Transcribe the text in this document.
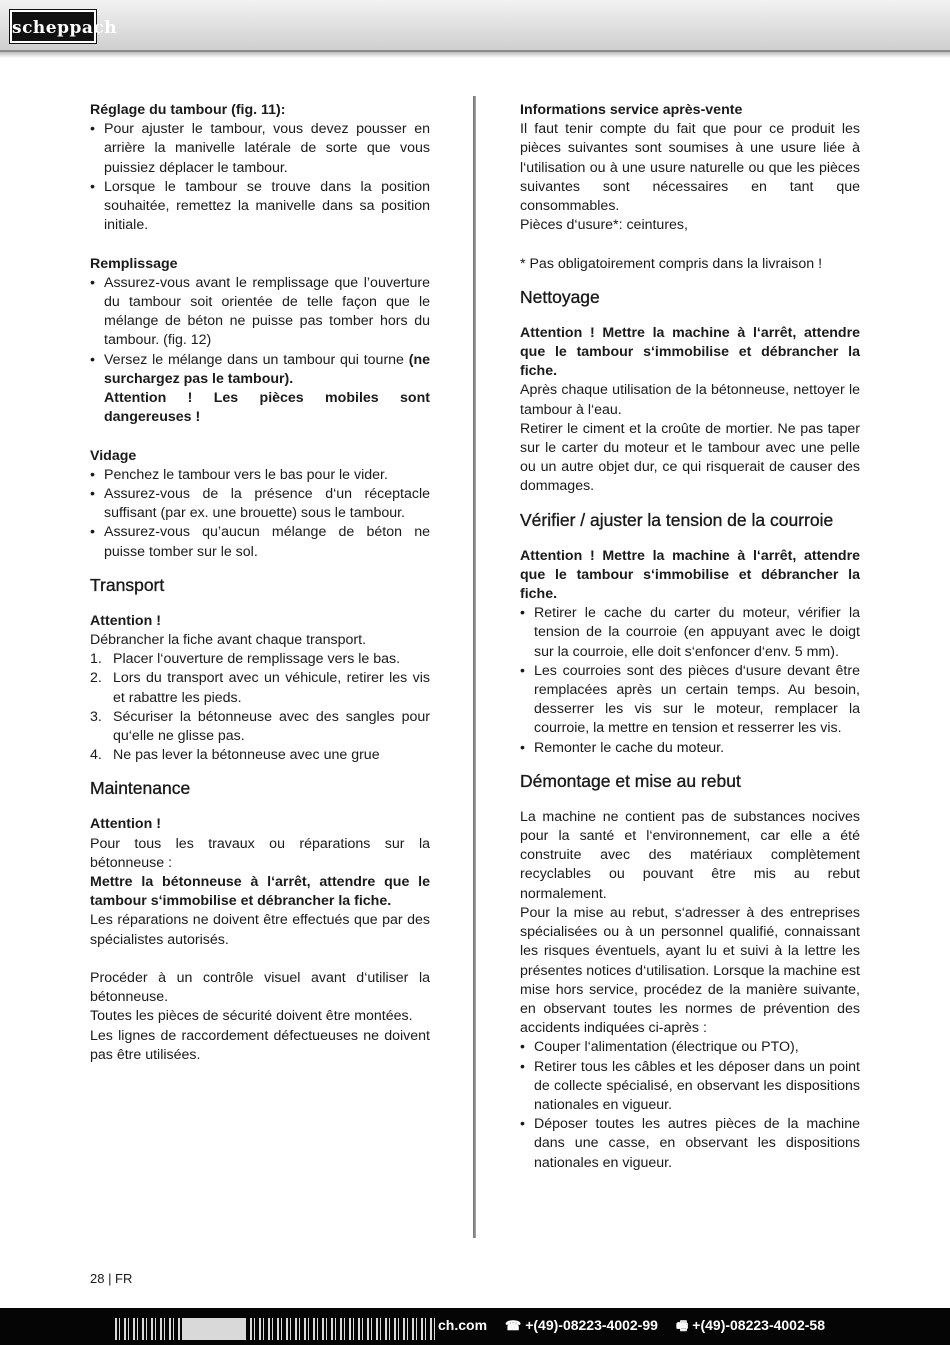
scheppach

Réglage du tambour (fig. 11):

• Pour ajuster le tambour, vous devez pousser en arrière la manivelle latérale de sorte que vous puissiez déplacer le tambour.
• Lorsque le tambour se trouve dans la position souhaitée, remettez la manivelle dans sa position initiale.

Remplissage

• Assurez-vous avant le remplissage que l’ouverture du tambour soit orientée de telle façon que le mélange de béton ne puisse pas tomber hors du tambour. (fig. 12)
• Versez le mélange dans un tambour qui tourne (ne surchargez pas le tambour).

Attention ! Les pièces mobiles sont dangereuses !

Vidage

• Penchez le tambour vers le bas pour le vider.
• Assurez-vous de la présence d‘un réceptacle suffisant (par ex. une brouette) sous le tambour.
• Assurez-vous qu’aucun mélange de béton ne puisse tomber sur le sol.
Transport

Attention !

Débrancher la fiche avant chaque transport.

1. Placer l‘ouverture de remplissage vers le bas.
2. Lors du transport avec un véhicule, retirer les vis et rabattre les pieds.
3. Sécuriser la bétonneuse avec des sangles pour qu‘elle ne glisse pas.
4. Ne pas lever la bétonneuse avec une grue
Maintenance

Attention !

Pour tous les travaux ou réparations sur la bétonneuse :

Mettre la bétonneuse à l‘arrêt, attendre que le tambour s‘immobilise et débrancher la fiche.

Les réparations ne doivent être effectués que par des spécialistes autorisés.

Procéder à un contrôle visuel avant d‘utiliser la bétonneuse.

Toutes les pièces de sécurité doivent être montées.

Les lignes de raccordement défectueuses ne doivent pas être utilisées.

Informations service après-vente

Il faut tenir compte du fait que pour ce produit les pièces suivantes sont soumises à une usure liée à l‘utilisation ou à une usure naturelle ou que les pièces suivantes sont nécessaires en tant que consommables.

Pièces d‘usure*: ceintures,

* Pas obligatoirement compris dans la livraison !

Nettoyage

Attention ! Mettre la machine à l‘arrêt, attendre que le tambour s‘immobilise et débrancher la fiche.

Après chaque utilisation de la bétonneuse, nettoyer le tambour à l‘eau.

Retirer le ciment et la croûte de mortier. Ne pas taper sur le carter du moteur et le tambour avec une pelle ou un autre objet dur, ce qui risquerait de causer des dommages.

Vérifier / ajuster la tension de la courroie

Attention ! Mettre la machine à l‘arrêt, attendre que le tambour s‘immobilise et débrancher la fiche.

• Retirer le cache du carter du moteur, vérifier la tension de la courroie (en appuyant avec le doigt sur la courroie, elle doit s‘enfoncer d‘env. 5 mm).
• Les courroies sont des pièces d‘usure devant être remplacées après un certain temps. Au besoin, desserrer les vis sur le moteur, remplacer la courroie, la mettre en tension et resserrer les vis.
• Remonter le cache du moteur.
Démontage et mise au rebut

La machine ne contient pas de substances nocives pour la santé et l‘environnement, car elle a été construite avec des matériaux complètement recyclables ou pouvant être mis au rebut normalement.

Pour la mise au rebut, s‘adresser à des entreprises spécialisées ou à un personnel qualifié, connaissant les risques éventuels, ayant lu et suivi à la lettre les présentes notices d‘utilisation. Lorsque la machine est mise hors service, procédez de la manière suivante, en observant toutes les normes de prévention des accidents indiquées ci-après :

• Couper l‘alimentation (électrique ou PTO),
• Retirer tous les câbles et les déposer dans un point de collecte spécialisé, en observant les dispositions nationales en vigueur.
• Déposer toutes les autres pièces de la machine dans une casse, en observant les dispositions nationales en vigueur.
28 | FR
ch.com ☎ +(49)-08223-4002-99 🖷 +(49)-08223-4002-58
